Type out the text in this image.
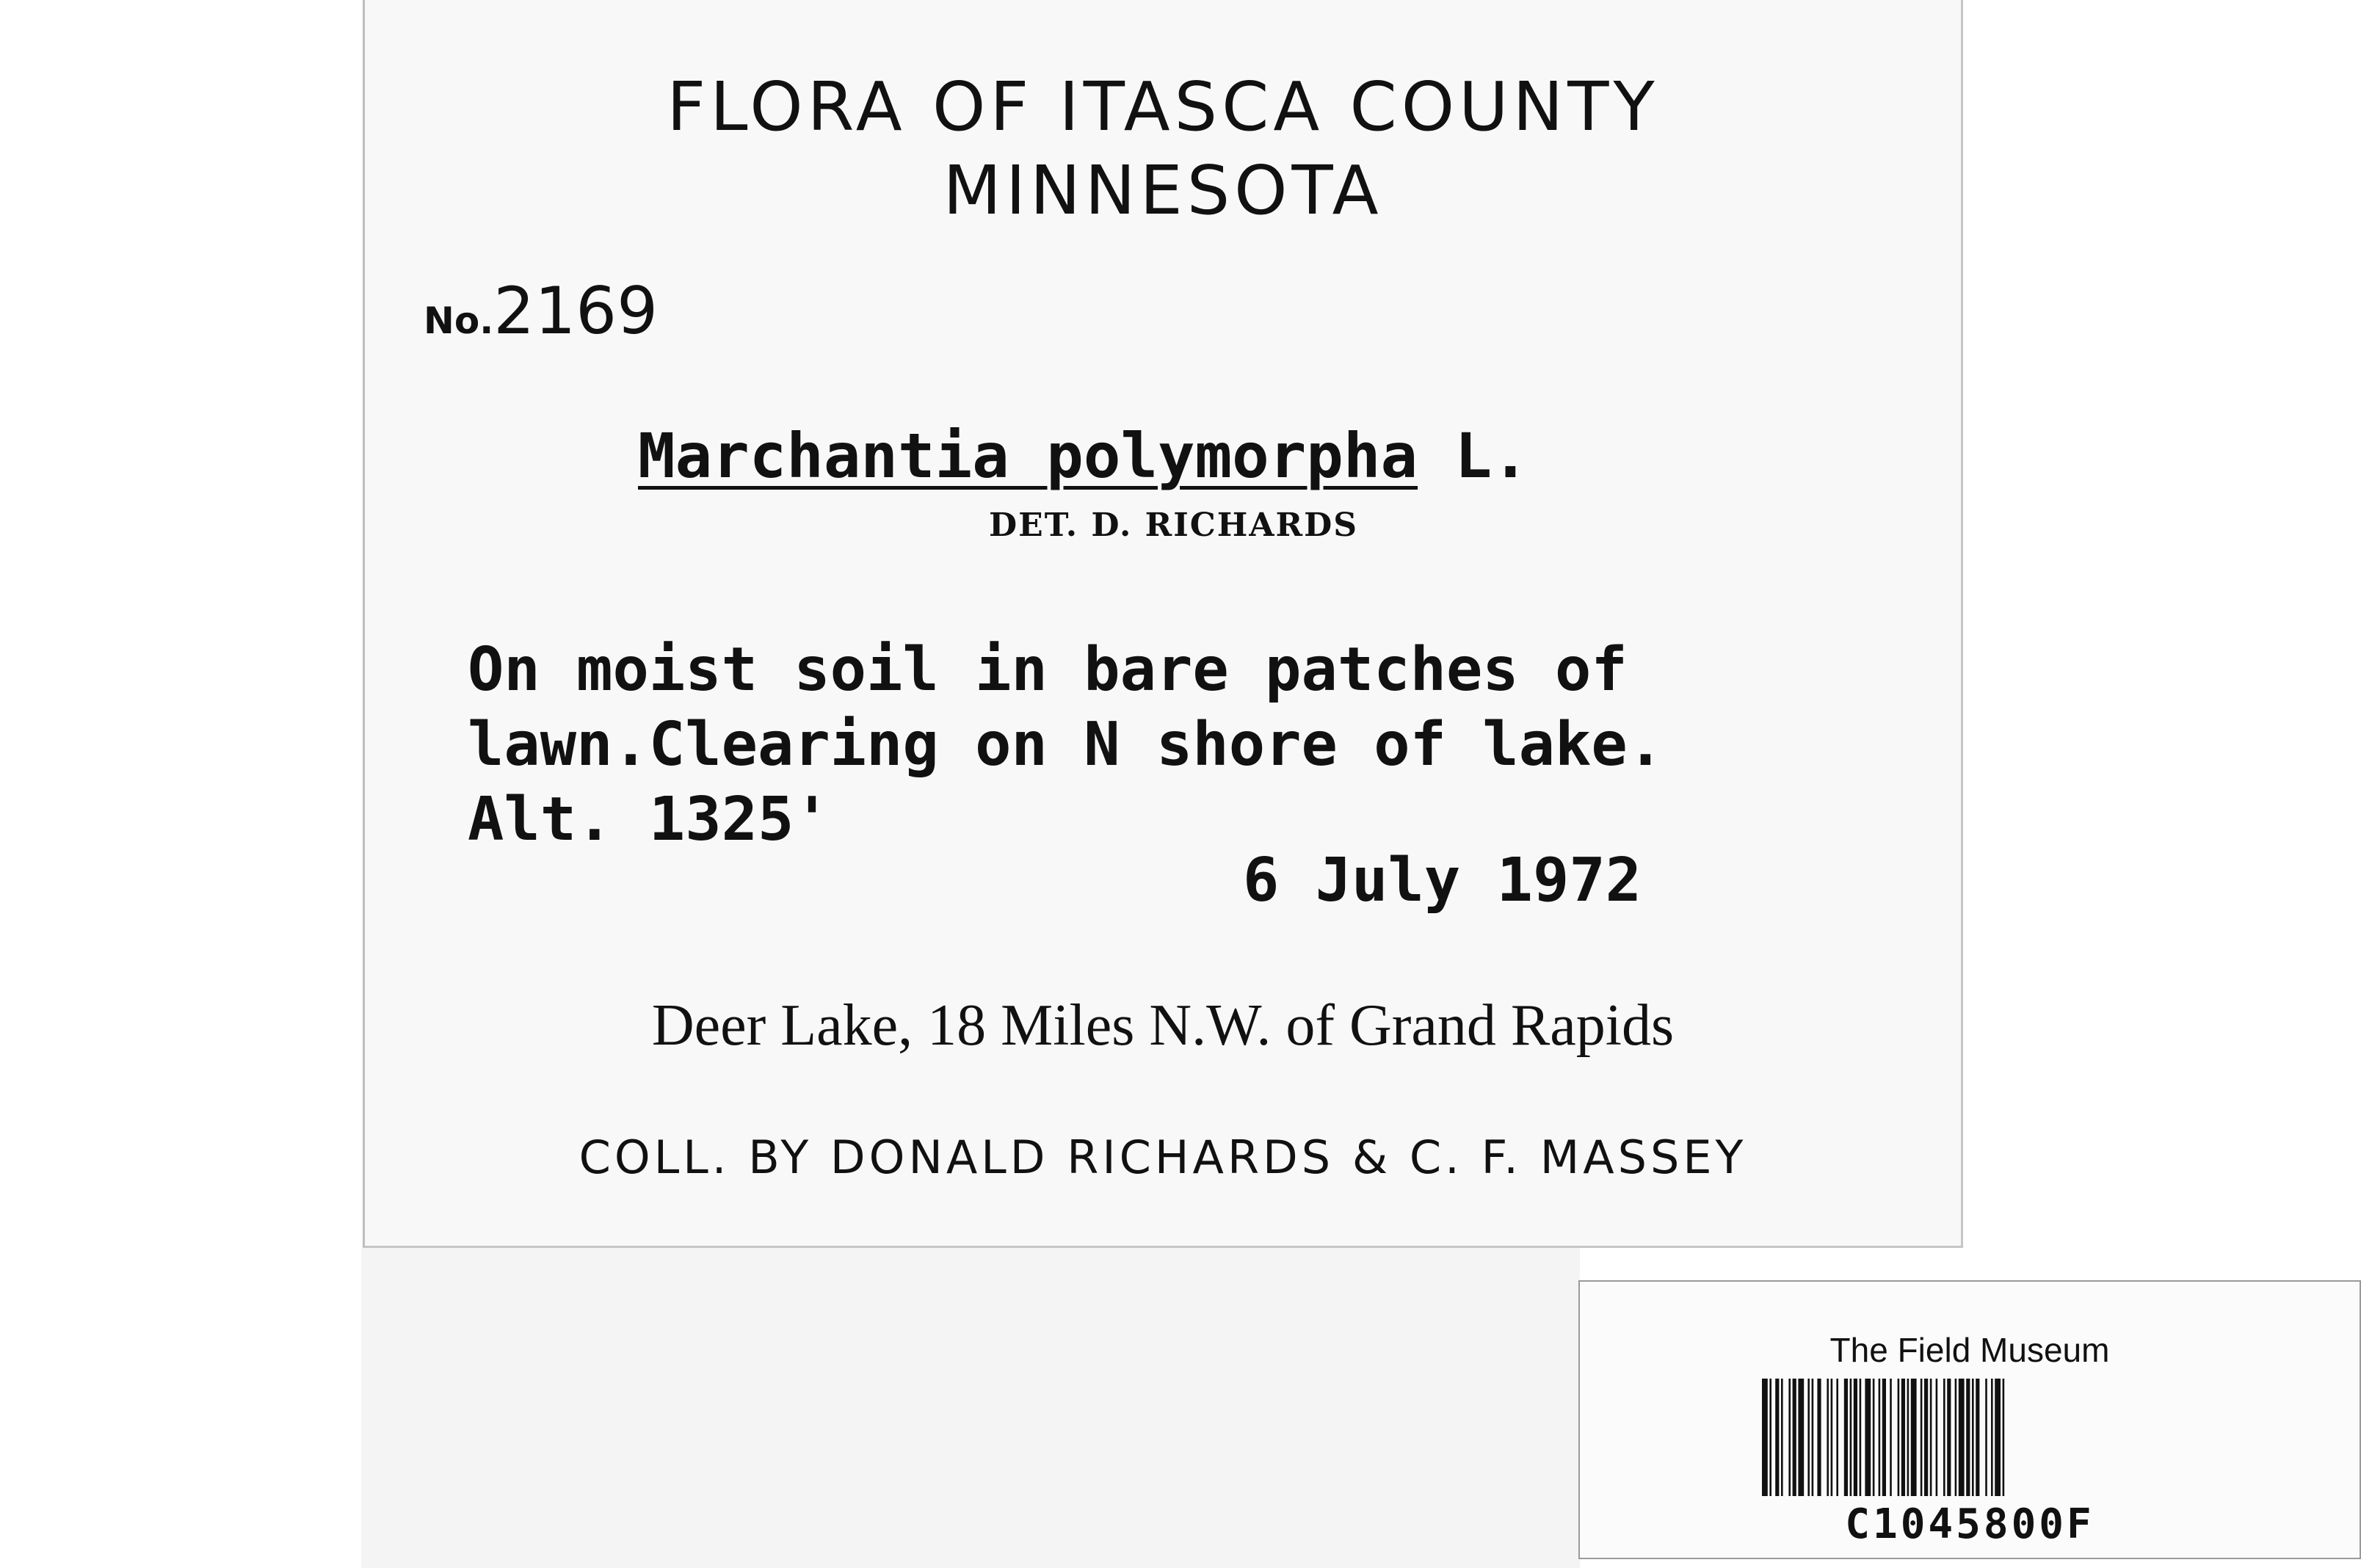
FLORA OF ITASCA COUNTY
MINNESOTA
No.2169
Marchantia polymorpha L.
DET. D. RICHARDS
On moist soil in bare patches of
lawn.Clearing on N shore of lake.
Alt. 1325'
6 July 1972
Deer Lake, 18 Miles N.W. of Grand Rapids
COLL. BY DONALD RICHARDS & C. F. MASSEY
The Field Museum
C1045800F
